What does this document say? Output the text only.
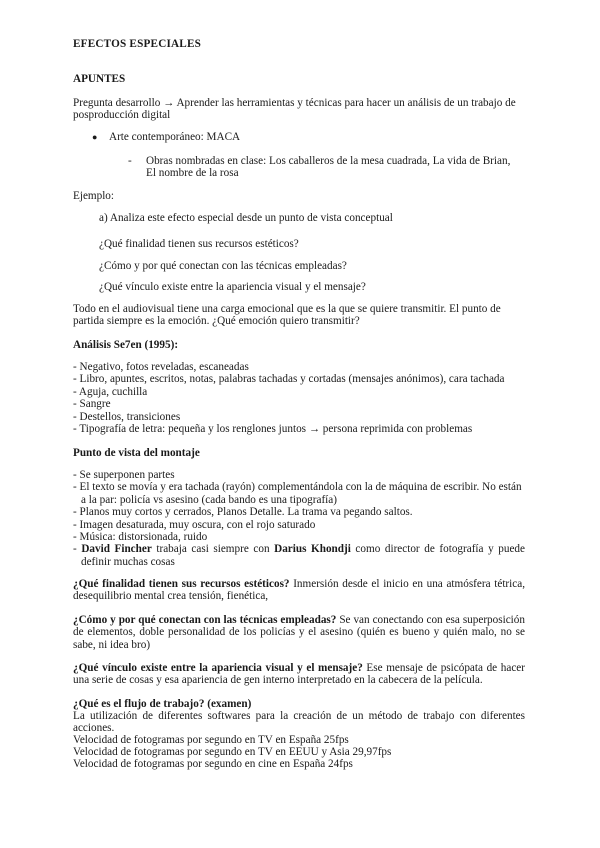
EFECTOS ESPECIALES
APUNTES

Pregunta desarrollo → Aprender las herramientas y técnicas para hacer un análisis de un trabajo de posproducción digital

● Arte contemporáneo: MACA
- Obras nombradas en clase: Los caballeros de la mesa cuadrada, La vida de Brian, El nombre de la rosa
Ejemplo:
a) Analiza este efecto especial desde un punto de vista conceptual
¿Qué finalidad tienen sus recursos estéticos?
¿Cómo y por qué conectan con las técnicas empleadas?
¿Qué vínculo existe entre la apariencia visual y el mensaje?

Todo en el audiovisual tiene una carga emocional que es la que se quiere transmitir. El punto de partida siempre es la emoción. ¿Qué emoción quiero transmitir?

Análisis Se7en (1995):
- Negativo, fotos reveladas, escaneadas
- Libro, apuntes, escritos, notas, palabras tachadas y cortadas (mensajes anónimos), cara tachada
- Aguja, cuchilla
- Sangre
- Destellos, transiciones
- Tipografía de letra: pequeña y los renglones juntos → persona reprimida con problemas
Punto de vista del montaje
- Se superponen partes
- El texto se movía y era tachada (rayón) complementándola con la de máquina de escribir. No están a la par: policía vs asesino (cada bando es una tipografía)
- Planos muy cortos y cerrados, Planos Detalle. La trama va pegando saltos.
- Imagen desaturada, muy oscura, con el rojo saturado
- Música: distorsionada, ruido
- David Fincher trabaja casi siempre con Darius Khondji como director de fotografía y puede definir muchas cosas

¿Qué finalidad tienen sus recursos estéticos? Inmersión desde el inicio en una atmósfera tétrica, desequilibrio mental crea tensión, fienética,

¿Cómo y por qué conectan con las técnicas empleadas? Se van conectando con esa superposición de elementos, doble personalidad de los policías y el asesino (quién es bueno y quién malo, no se sabe, ni idea bro)

¿Qué vínculo existe entre la apariencia visual y el mensaje? Ese mensaje de psicópata de hacer una serie de cosas y esa apariencia de gen interno interpretado en la cabecera de la película.

¿Qué es el flujo de trabajo? (examen)

La utilización de diferentes softwares para la creación de un método de trabajo con diferentes acciones.

Velocidad de fotogramas por segundo en TV en España 25fps
Velocidad de fotogramas por segundo en TV en EEUU y Asia 29,97fps
Velocidad de fotogramas por segundo en cine en España 24fps
